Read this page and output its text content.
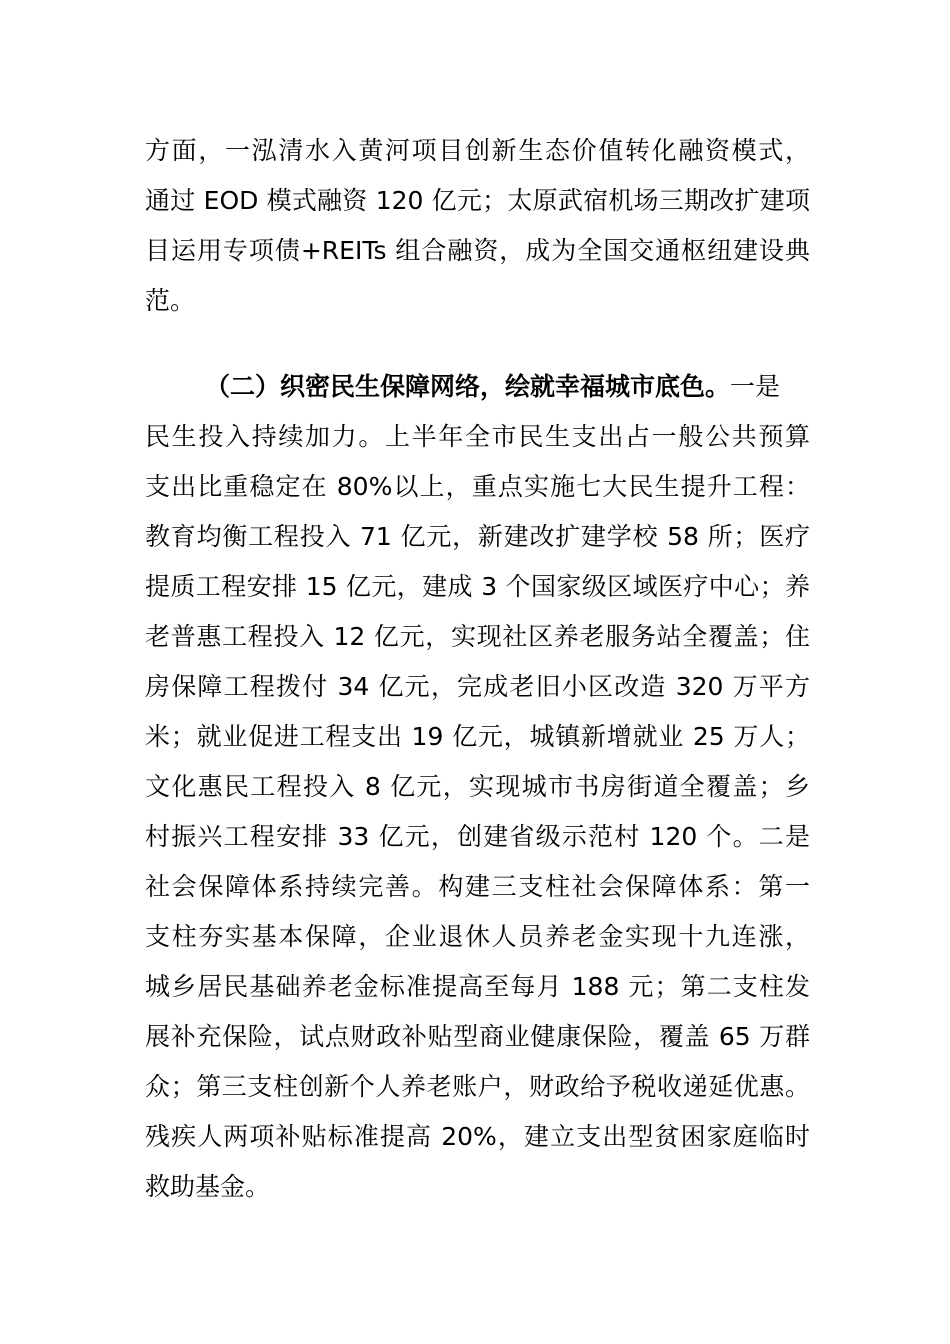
方面，一泓清水入黄河项目创新生态价值转化融资模式，
通过 EOD 模式融资 120 亿元；太原武宿机场三期改扩建项
目运用专项债+REITs 组合融资，成为全国交通枢纽建设典
范。
（二）织密民生保障网络，绘就幸福城市底色。一是
民生投入持续加力。上半年全市民生支出占一般公共预算
支出比重稳定在 80%以上，重点实施七大民生提升工程：
教育均衡工程投入 71 亿元，新建改扩建学校 58 所；医疗
提质工程安排 15 亿元，建成 3 个国家级区域医疗中心；养
老普惠工程投入 12 亿元，实现社区养老服务站全覆盖；住
房保障工程拨付 34 亿元，完成老旧小区改造 320 万平方
米；就业促进工程支出 19 亿元，城镇新增就业 25 万人；
文化惠民工程投入 8 亿元，实现城市书房街道全覆盖；乡
村振兴工程安排 33 亿元，创建省级示范村 120 个。二是
社会保障体系持续完善。构建三支柱社会保障体系：第一
支柱夯实基本保障，企业退休人员养老金实现十九连涨，
城乡居民基础养老金标准提高至每月 188 元；第二支柱发
展补充保险，试点财政补贴型商业健康保险，覆盖 65 万群
众；第三支柱创新个人养老账户，财政给予税收递延优惠。
残疾人两项补贴标准提高 20%，建立支出型贫困家庭临时
救助基金。
